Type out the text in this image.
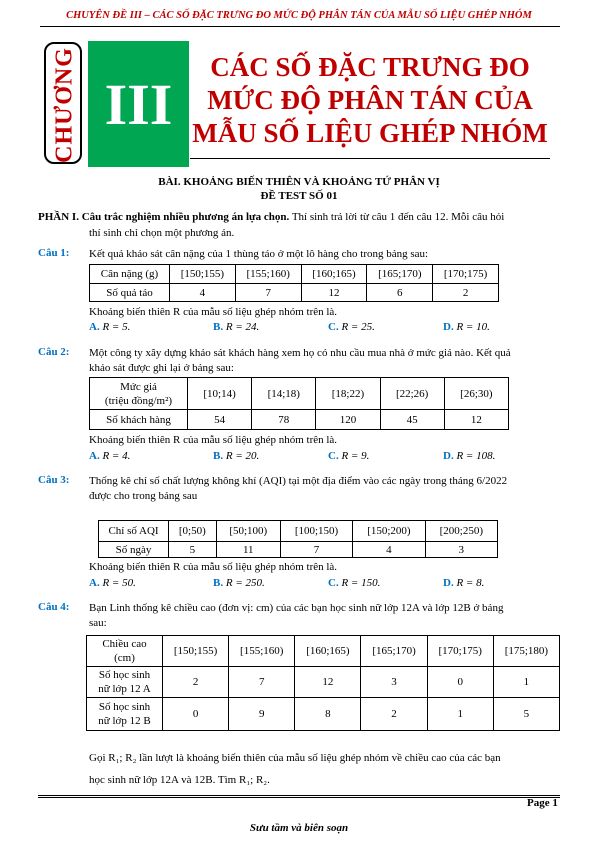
CHUYÊN ĐỀ III – CÁC SỐ ĐẶC TRƯNG ĐO MỨC ĐỘ PHÂN TÁN CỦA MẪU SỐ LIỆU GHÉP NHÓM
CHƯƠNG III
CÁC SỐ ĐẶC TRƯNG ĐO
MỨC ĐỘ PHÂN TÁN CỦA
MẪU SỐ LIỆU GHÉP NHÓM
BÀI. KHOẢNG BIẾN THIÊN VÀ KHOẢNG TỨ PHÂN VỊ
ĐỀ TEST SỐ 01
PHẦN I. Câu trắc nghiệm nhiều phương án lựa chọn. Thí sinh trả lời từ câu 1 đến câu 12. Mỗi câu hỏi
thí sinh chỉ chọn một phương án.
Câu 1: Kết quả khảo sát cân nặng của 1 thùng táo ở một lô hàng cho trong bảng sau:
Cân nặng (g)	[150;155)	[155;160)	[160;165)	[165;170)	[170;175)
Số quả táo	4	7	12	6	2
Khoảng biến thiên R của mẫu số liệu ghép nhóm trên là.
A. R = 5.	B. R = 24.	C. R = 25.	D. R = 10.
Câu 2: Một công ty xây dựng khảo sát khách hàng xem họ có nhu cầu mua nhà ở mức giá nào. Kết quả
khảo sát được ghi lại ở bảng sau:
Mức giá
(triệu đồng/m²)	[10;14)	[14;18)	[18;22)	[22;26)	[26;30)
Số khách hàng	54	78	120	45	12
Khoảng biến thiên R của mẫu số liệu ghép nhóm trên là.
A. R = 4.	B. R = 20.	C. R = 9.	D. R = 108.
Câu 3: Thống kê chỉ số chất lượng không khí (AQI) tại một địa điểm vào các ngày trong tháng 6/2022
được cho trong bảng sau
Chỉ số AQI	[0;50)	[50;100)	[100;150)	[150;200)	[200;250)
Số ngày	5	11	7	4	3
Khoảng biến thiên R của mẫu số liệu ghép nhóm trên là.
A. R = 50.	B. R = 250.	C. R = 150.	D. R = 8.
Câu 4: Bạn Linh thống kê chiều cao (đơn vị: cm) của các bạn học sinh nữ lớp 12A và lớp 12B ở bảng
sau:
Chiều cao
(cm)	[150;155)	[155;160)	[160;165)	[165;170)	[170;175)	[175;180)

Số học sinh
nữ lớp 12 A	2	7	12	3	0	1

Số học sinh
nữ lớp 12 B	0	9	8	2	1	5
Gọi R₁; R₂ lần lượt là khoảng biến thiên của mẫu số liệu ghép nhóm về chiều cao của các bạn
học sinh nữ lớp 12A và 12B. Tìm R₁; R₂.
Page 1
Sưu tầm và biên soạn
